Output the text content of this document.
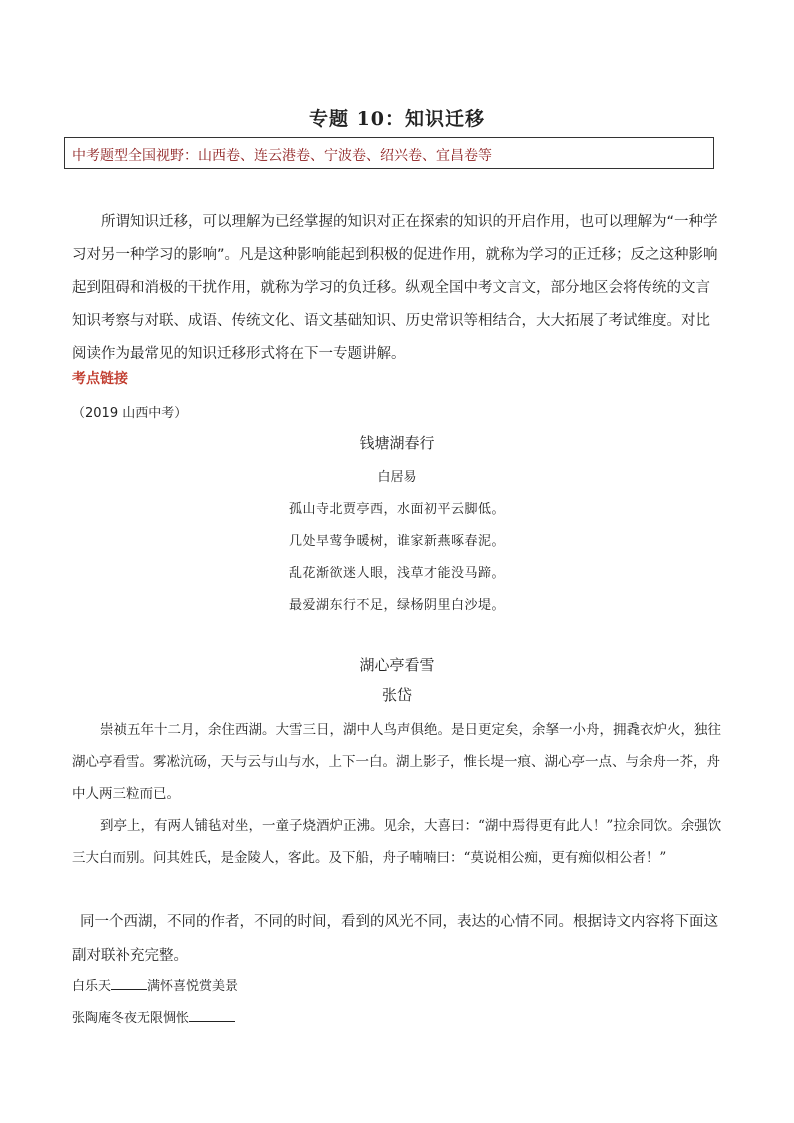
专题 10：知识迁移
中考题型全国视野：山西卷、连云港卷、宁波卷、绍兴卷、宜昌卷等

所谓知识迁移，可以理解为已经掌握的知识对正在探索的知识的开启作用，也可以理解为“一种学习对另一种学习的影响”。凡是这种影响能起到积极的促进作用，就称为学习的正迁移；反之这种影响起到阻碍和消极的干扰作用，就称为学习的负迁移。纵观全国中考文言文，部分地区会将传统的文言知识考察与对联、成语、传统文化、语文基础知识、历史常识等相结合，大大拓展了考试维度。对比阅读作为最常见的知识迁移形式将在下一专题讲解。

考点链接
（2019 山西中考）
钱塘湖春行
白居易
孤山寺北贾亭西，水面初平云脚低。
几处早莺争暖树，谁家新燕啄春泥。
乱花渐欲迷人眼，浅草才能没马蹄。
最爱湖东行不足，绿杨阴里白沙堤。
湖心亭看雪
张岱

崇祯五年十二月，余住西湖。大雪三日，湖中人鸟声俱绝。是日更定矣，余拏一小舟，拥毳衣炉火，独往湖心亭看雪。雾凇沆砀，天与云与山与水，上下一白。湖上影子，惟长堤一痕、湖心亭一点、与余舟一芥，舟中人两三粒而已。

到亭上，有两人铺毡对坐，一童子烧酒炉正沸。见余，大喜曰：“湖中焉得更有此人！”拉余同饮。余强饮三大白而别。问其姓氏，是金陵人，客此。及下船，舟子喃喃曰：“莫说相公痴，更有痴似相公者！”

同一个西湖，不同的作者，不同的时间，看到的风光不同，表达的心情不同。根据诗文内容将下面这副对联补充完整。

白乐天	满怀喜悦赏美景
张陶庵冬夜无限惆怅
